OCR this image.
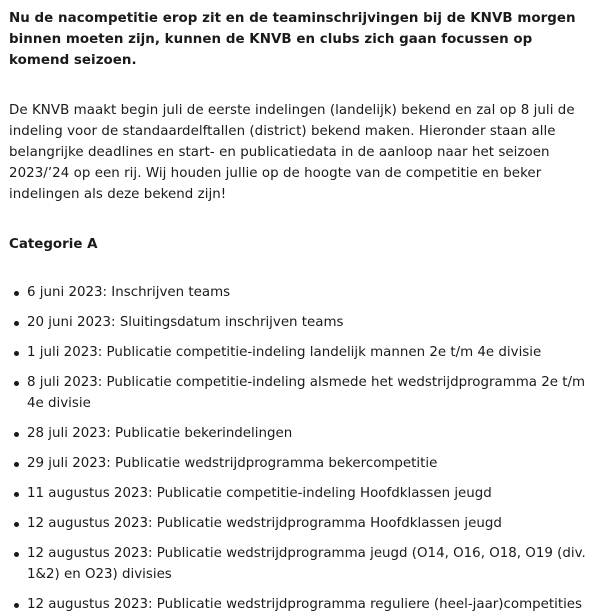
Nu de nacompetitie erop zit en de teaminschrijvingen bij de KNVB morgen binnen moeten zijn, kunnen de KNVB en clubs zich gaan focussen op komend seizoen.

De KNVB maakt begin juli de eerste indelingen (landelijk) bekend en zal op 8 juli de indeling voor de standaardelftallen (district) bekend maken. Hieronder staan alle belangrijke deadlines en start- en publicatiedata in de aanloop naar het seizoen 2023/’24 op een rij. Wij houden jullie op de hoogte van de competitie en beker indelingen als deze bekend zijn!

Categorie A

6 juni 2023: Inschrijven teams
20 juni 2023: Sluitingsdatum inschrijven teams
1 juli 2023: Publicatie competitie-indeling landelijk mannen 2e t/m 4e divisie
8 juli 2023: Publicatie competitie-indeling alsmede het wedstrijdprogramma 2e t/m 4e divisie
28 juli 2023: Publicatie bekerindelingen
29 juli 2023: Publicatie wedstrijdprogramma bekercompetitie
11 augustus 2023: Publicatie competitie-indeling Hoofdklassen jeugd
12 augustus 2023: Publicatie wedstrijdprogramma Hoofdklassen jeugd
12 augustus 2023: Publicatie wedstrijdprogramma jeugd (O14, O16, O18, O19 (div. 1&2) en O23) divisies
12 augustus 2023: Publicatie wedstrijdprogramma reguliere (heel-jaar)competities
